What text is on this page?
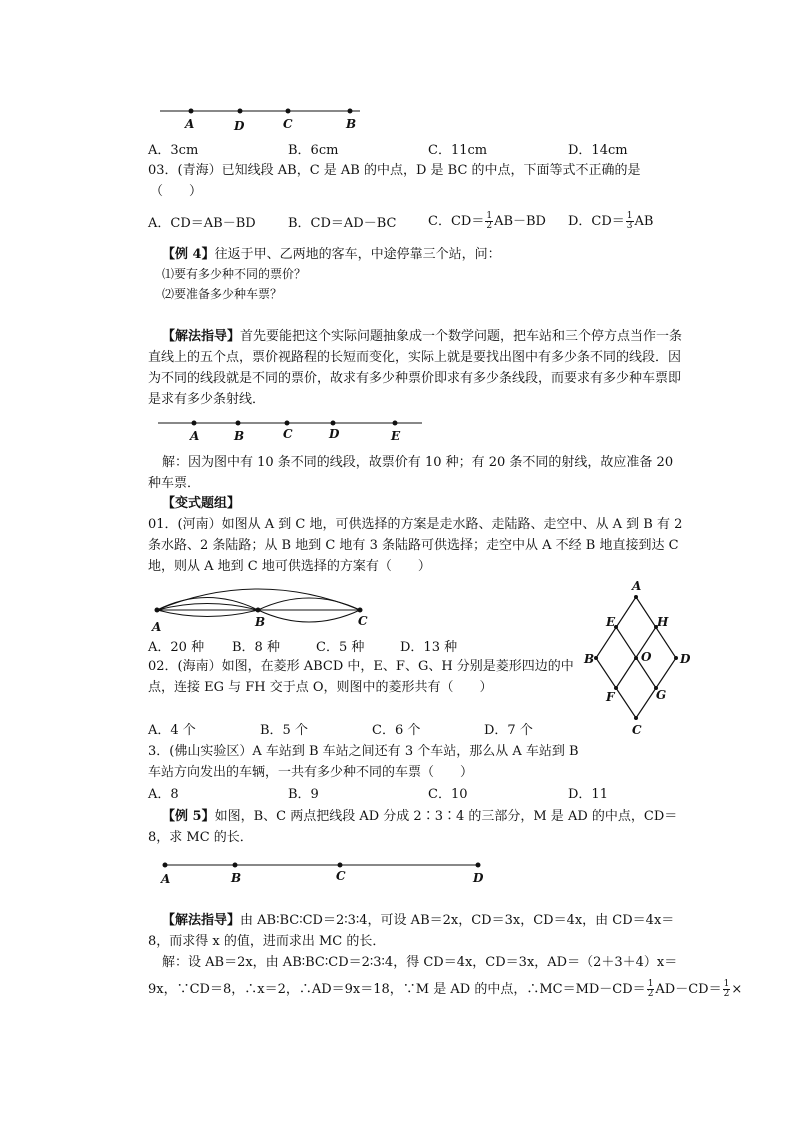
A	D	C	B
A．3cm	B．6cm	C．11cm	D．14cm
03．(青海）已知线段 AB，C 是 AB 的中点，D 是 BC 的中点，下面等式不正确的是
（　　）
A．CD＝AB－BD B．CD＝AD－BC C．$CD= \frac{1}{2} AB-BD$ D．$CD= \frac{1}{3}$ AB
【例 4】往返于甲、乙两地的客车，中途停靠三个站，问：
⑴要有多少种不同的票价？
⑵要准备多少种车票？
【解法指导】首先要能把这个实际问题抽象成一个数学问题，把车站和三个停方点当作一条直线上的五个点，票价视路程的长短而变化，实际上就是要找出图中有多少条不同的线段．因为不同的线段就是不同的票价，故求有多少种票价即求有多少条线段，而要求有多少种车票即是求有多少条射线．
A	B	C	D	E
解：因为图中有 10 条不同的线段，故票价有 10 种；有 20 条不同的射线，故应准备 20 种车票．
【变式题组】
01．(河南）如图从 A 到 C 地，可供选择的方案是走水路、走陆路、走空中、从 A 到 B 有 2 条水路、2 条陆路；从 B 地到 C 地有 3 条陆路可供选择；走空中从 A 不经 B 地直接到达 C 地，则从 A 地到 C 地可供选择的方案有（　　）
A	B	C
A．20 种 B．8 种	C．5 种	D．13 种
A
D
C
B
E	H
F	G
O
02．(海南）如图，在菱形 ABCD 中，E、F、G、H 分别是菱形四边的中
点，连接 EG 与 FH 交于点 O，则图中的菱形共有（　　）
A．4 个	B．5 个	C．6 个	D．7 个
3．(佛山实验区）A 车站到 B 车站之间还有 3 个车站，那么从 A 车站到 B
车站方向发出的车辆，一共有多少种不同的车票（　　）
A．8	B．9	C．10	D．11
【例 5】如图，B、C 两点把线段 AD 分成 2∶3∶4 的三部分，M 是 AD 的中点，CD＝8，求 MC 的长．
A	B	C	D
【解法指导】由 AB∶BC∶CD＝2∶3∶4，可设 AB＝2x，CD＝3x，CD＝4x，由 CD＝4x＝8，而求得 x 的值，进而求出 MC 的长．
解：设 AB＝2x，由 AB∶BC∶CD＝2∶3∶4，得 CD＝4x，CD＝3x，AD＝（2＋3＋4）x＝
9x，∵CD＝8，∴x＝2，∴AD＝9x＝18，∵M 是 AD 的中点，∴MC＝MD－CD＝ $\frac{1}{2} AD-CD= \frac{1}{2}$ ×
